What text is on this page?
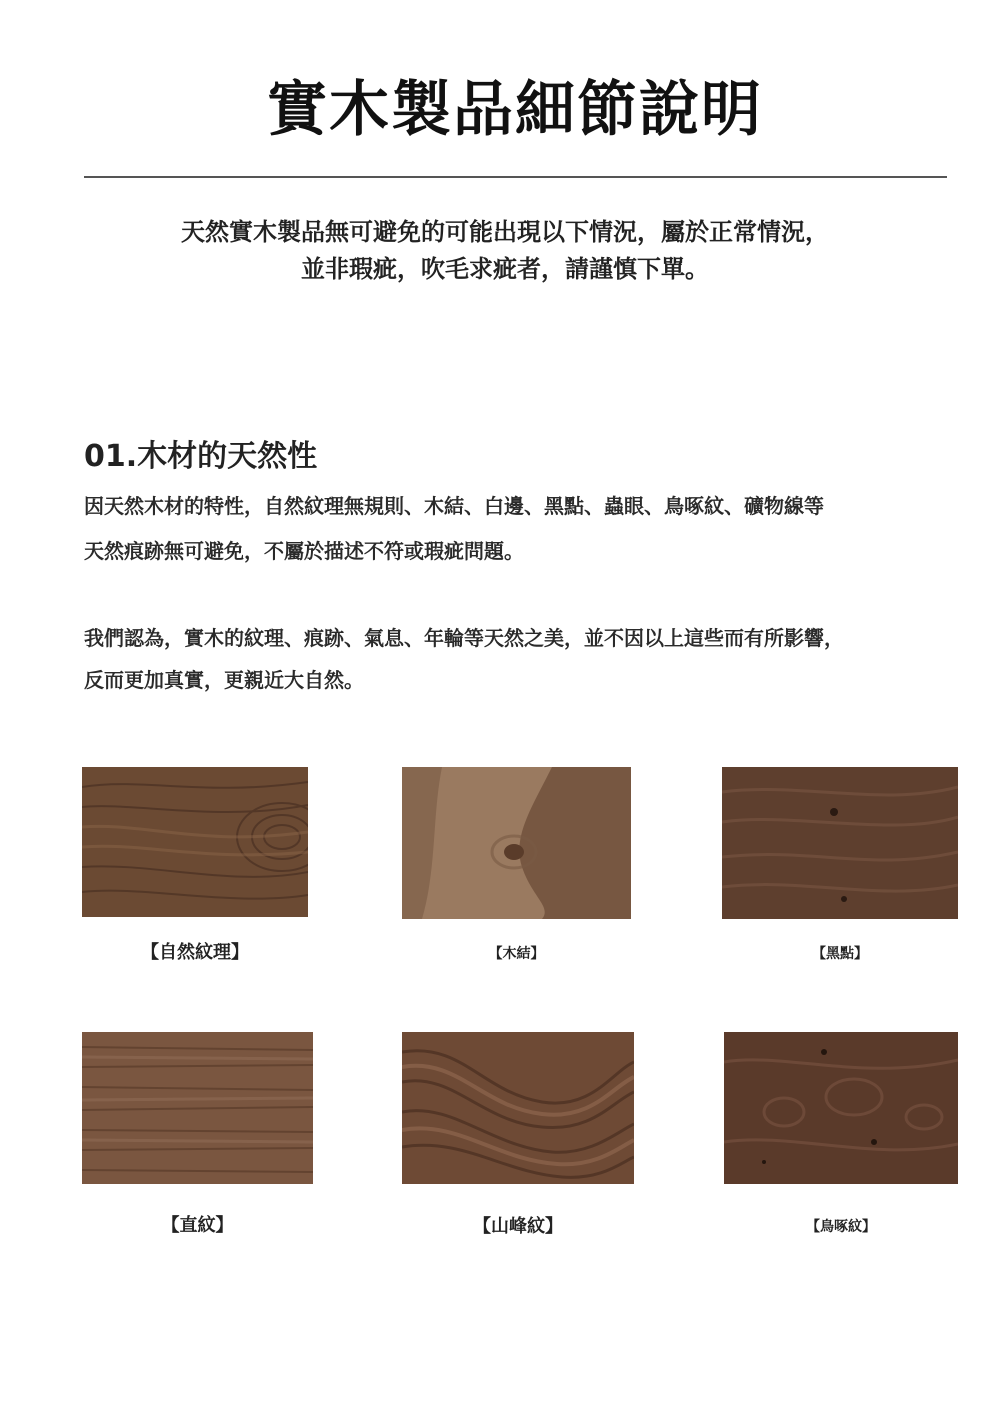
實木製品細節說明
天然實木製品無可避免的可能出現以下情況，屬於正常情況，
並非瑕疵，吹毛求疵者，請謹慎下單。
01.木材的天然性
因天然木材的特性，自然紋理無規則、木結、白邊、黑點、蟲眼、鳥啄紋、礦物線等
天然痕跡無可避免，不屬於描述不符或瑕疵問題。
我們認為，實木的紋理、痕跡、氣息、年輪等天然之美，並不因以上這些而有所影響，
反而更加真實，更親近大自然。
【自然紋理】	【木結】	【黑點】
【直紋】	【山峰紋】	【鳥啄紋】
